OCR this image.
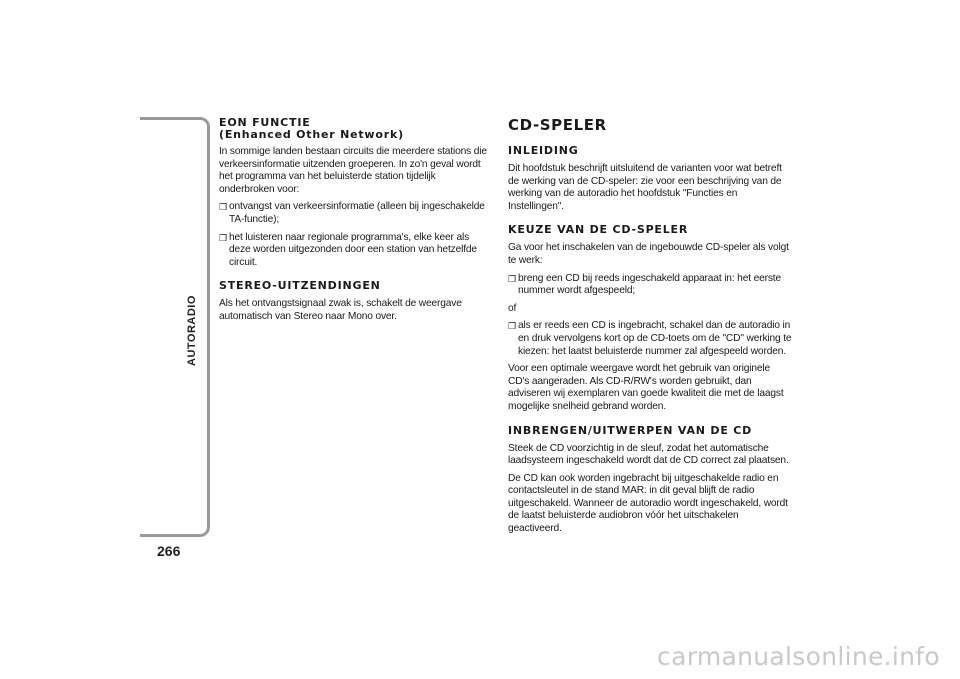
AUTORADIO
266
EON FUNCTIE
(Enhanced Other Network)

In sommige landen bestaan circuits die meerdere stations die verkeersinformatie uitzenden groeperen. In zo'n geval wordt het programma van het beluisterde station tijdelijk onderbroken voor:

❒ ontvangst van verkeersinformatie (alleen bij ingeschakelde TA-functie);
❒ het luisteren naar regionale programma's, elke keer als deze worden uitgezonden door een station van hetzelfde circuit.
STEREO-UITZENDINGEN

Als het ontvangstsignaal zwak is, schakelt de weergave automatisch van Stereo naar Mono over.

CD-SPELER
INLEIDING

Dit hoofdstuk beschrijft uitsluitend de varianten voor wat betreft de werking van de CD-speler: zie voor een beschrijving van de werking van de autoradio het hoofdstuk "Functies en Instellingen".

KEUZE VAN DE CD-SPELER

Ga voor het inschakelen van de ingebouwde CD-speler als volgt te werk:

❒ breng een CD bij reeds ingeschakeld apparaat in: het eerste nummer wordt afgespeeld;

of

❒ als er reeds een CD is ingebracht, schakel dan de autoradio in en druk vervolgens kort op de CD-toets om de "CD" werking te kiezen: het laatst beluisterde nummer zal afgespeeld worden.

Voor een optimale weergave wordt het gebruik van originele CD's aangeraden. Als CD-R/RW's worden gebruikt, dan adviseren wij exemplaren van goede kwaliteit die met de laagst mogelijke snelheid gebrand worden.

INBRENGEN/UITWERPEN VAN DE CD

Steek de CD voorzichtig in de sleuf, zodat het automatische laadsysteem ingeschakeld wordt dat de CD correct zal plaatsen.

De CD kan ook worden ingebracht bij uitgeschakelde radio en contactsleutel in de stand MAR: in dit geval blijft de radio uitgeschakeld. Wanneer de autoradio wordt ingeschakeld, wordt de laatst beluisterde audiobron vóór het uitschakelen geactiveerd.

carmanualsonline.info
